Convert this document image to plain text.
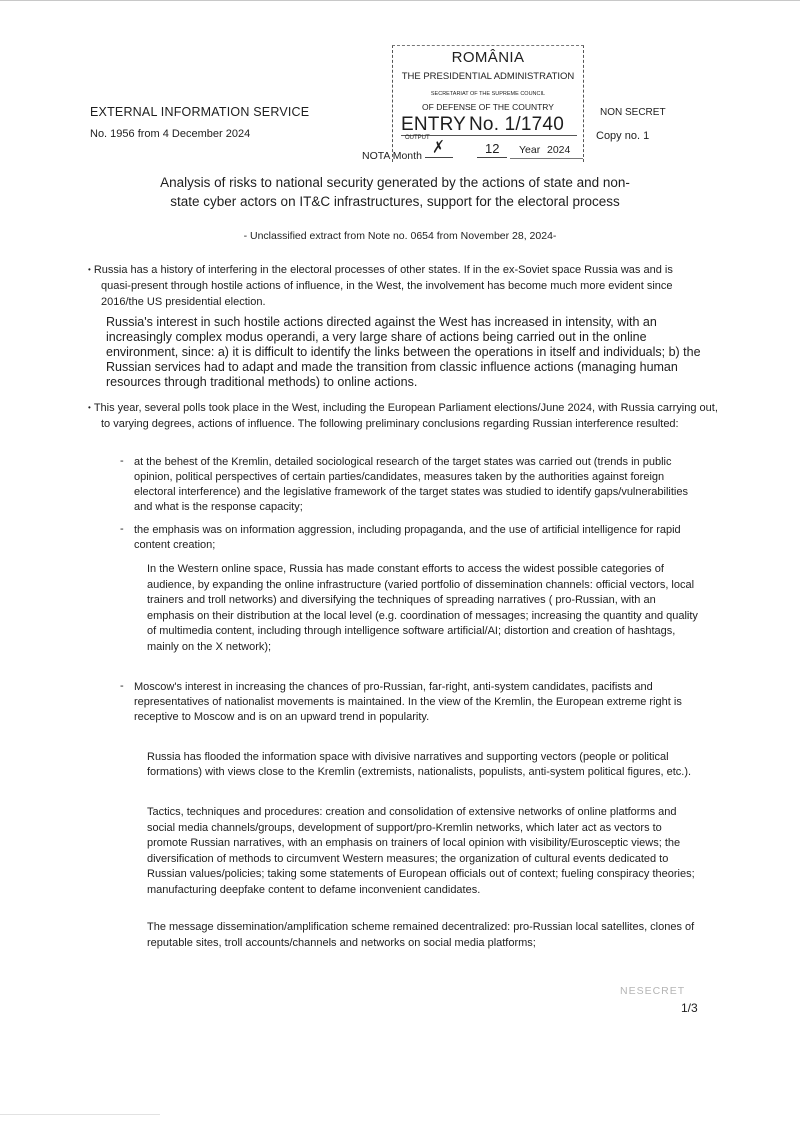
EXTERNAL INFORMATION SERVICE
No. 1956 from 4 December 2024
NON SECRET
Copy no. 1
ROMÂNIA
THE PRESIDENTIAL ADMINISTRATION
SECRETARIAT OF THE SUPREME COUNCIL
OF DEFENSE OF THE COUNTRY
ENTRY No. 1/1740
OUTPUT ✗	12 Year 2024
NOTA Month
Analysis of risks to national security generated by the actions of state and non-state cyber actors on IT&C infrastructures, support for the electoral process
- Unclassified extract from Note no. 0654 from November 28, 2024-
• Russia has a history of interfering in the electoral processes of other states. If in the ex-Soviet space Russia was and is quasi-present through hostile actions of influence, in the West, the involvement has become much more evident since 2016/the US presidential election.
Russia's interest in such hostile actions directed against the West has increased in intensity, with an increasingly complex modus operandi, a very large share of actions being carried out in the online environment, since: a) it is difficult to identify the links between the operations in itself and individuals; b) the Russian services had to adapt and made the transition from classic influence actions (managing human resources through traditional methods) to online actions.
• This year, several polls took place in the West, including the European Parliament elections/June 2024, with Russia carrying out, to varying degrees, actions of influence. The following preliminary conclusions regarding Russian interference resulted:
- at the behest of the Kremlin, detailed sociological research of the target states was carried out (trends in public opinion, political perspectives of certain parties/candidates, measures taken by the authorities against foreign electoral interference) and the legislative framework of the target states was studied to identify gaps/vulnerabilities and what is the response capacity;
- the emphasis was on information aggression, including propaganda, and the use of artificial intelligence for rapid content creation;
In the Western online space, Russia has made constant efforts to access the widest possible categories of audience, by expanding the online infrastructure (varied portfolio of dissemination channels: official vectors, local trainers and troll networks) and diversifying the techniques of spreading narratives ( pro-Russian, with an emphasis on their distribution at the local level (e.g. coordination of messages; increasing the quantity and quality of multimedia content, including through intelligence software artificial/AI; distortion and creation of hashtags, mainly on the X network);
- Moscow's interest in increasing the chances of pro-Russian, far-right, anti-system candidates, pacifists and representatives of nationalist movements is maintained. In the view of the Kremlin, the European extreme right is receptive to Moscow and is on an upward trend in popularity.
Russia has flooded the information space with divisive narratives and supporting vectors (people or political formations) with views close to the Kremlin (extremists, nationalists, populists, anti-system political figures, etc.).
Tactics, techniques and procedures: creation and consolidation of extensive networks of online platforms and social media channels/groups, development of support/pro-Kremlin networks, which later act as vectors to promote Russian narratives, with an emphasis on trainers of local opinion with visibility/Eurosceptic views; the diversification of methods to circumvent Western measures; the organization of cultural events dedicated to Russian values/policies; taking some statements of European officials out of context; fueling conspiracy theories; manufacturing deepfake content to defame inconvenient candidates.
The message dissemination/amplification scheme remained decentralized: pro-Russian local satellites, clones of reputable sites, troll accounts/channels and networks on social media platforms;
NESECRET
1/3
